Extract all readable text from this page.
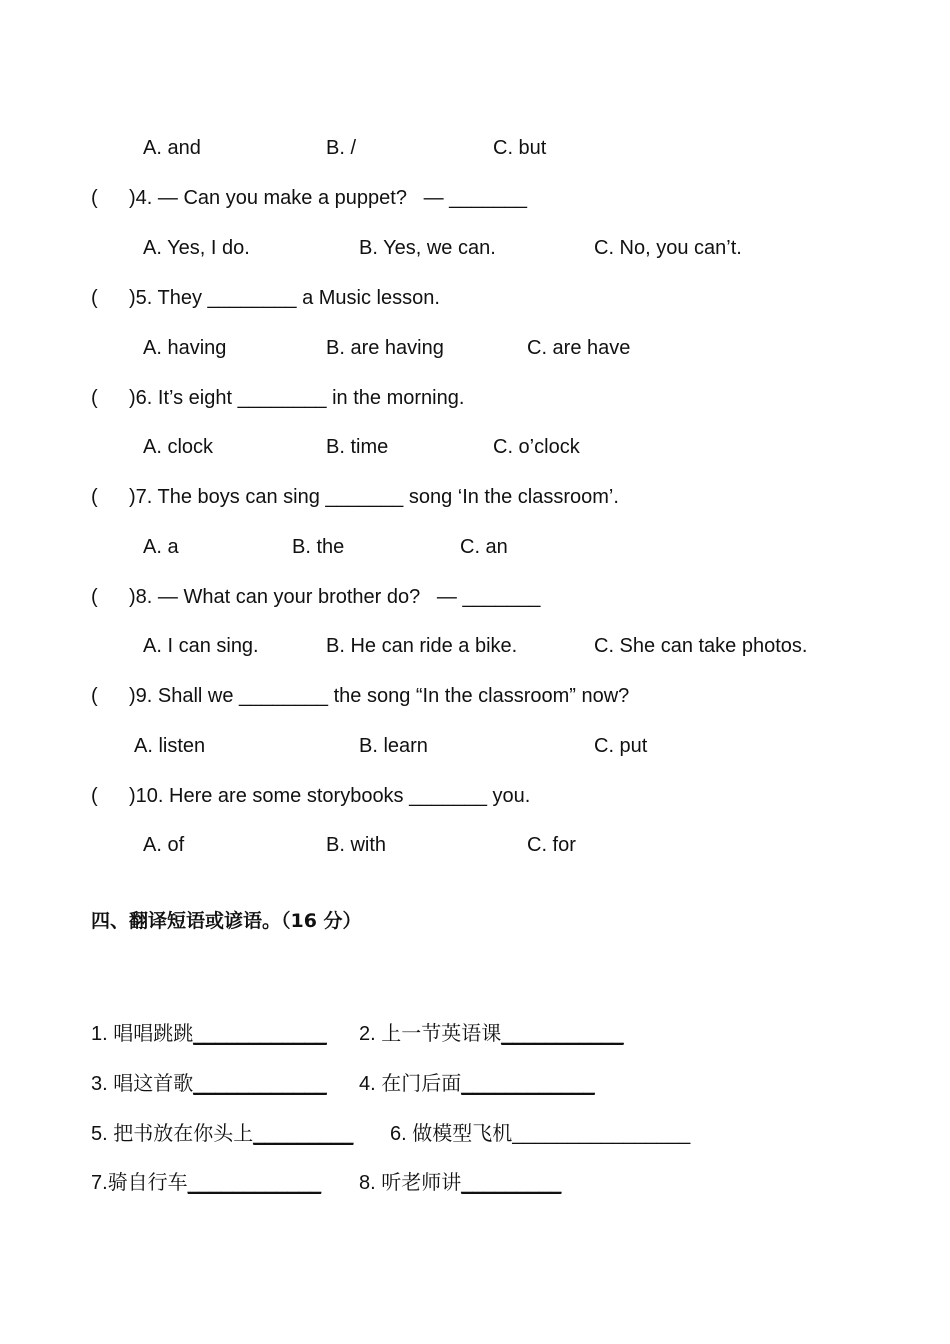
A. and	B. /	C. but
( )4. — Can you make a puppet?   — _______
A. Yes, I do.	B. Yes, we can.	C. No, you can’t.
( )5. They ________ a Music lesson.
A. having	B. are having	C. are have
( )6. It’s eight ________ in the morning.
A. clock	B. time	C. o’clock
( )7. The boys can sing _______ song ‘In the classroom’.
A. a	B. the	C. an
( )8. — What can your brother do?   — _______
A. I can sing.	B. He can ride a bike.	C. She can take photos.
( )9. Shall we ________ the song “In the classroom” now?
A. listen	B. learn	C. put
( )10. Here are some storybooks _______ you.
A. of	B. with	C. for
四、翻译短语或谚语。（16 分）
1. 唱唱跳跳____________ 2. 上一节英语课___________
3. 唱这首歌____________ 4. 在门后面____________
5. 把书放在你头上_________ 6. 做模型飞机________________
7.骑自行车____________ 8. 听老师讲_________
